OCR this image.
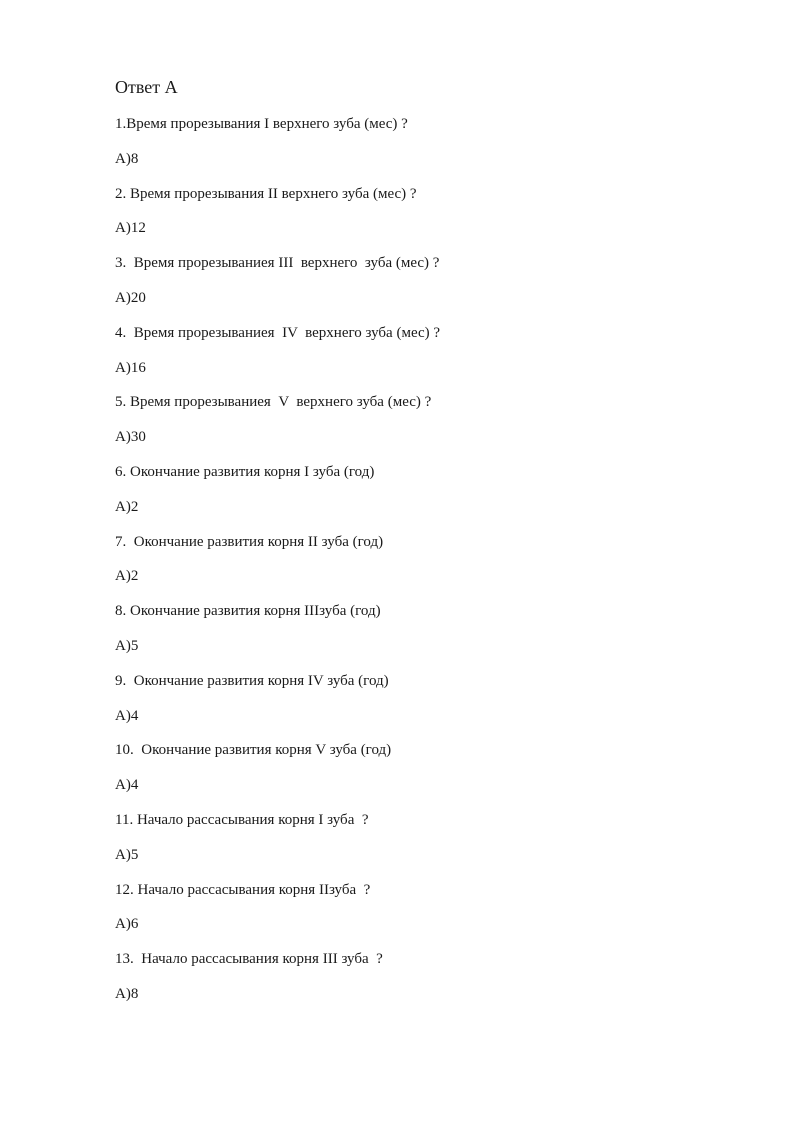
Ответ А

1.Время прорезывания I верхнего зуба (мес) ?

А)8

2. Время прорезывания II верхнего зуба (мес) ?

А)12

3.  Время прорезываниея III  верхнего  зуба (мес) ?

А)20

4.  Время прорезываниея  IV  верхнего зуба (мес) ?

А)16

5. Время прорезываниея  V  верхнего зуба (мес) ?

А)30

6. Окончание развития корня I зуба (год)

А)2

7.  Окончание развития корня II зуба (год)

А)2

8. Окончание развития корня IIIзуба (год)

А)5

9.  Окончание развития корня IV зуба (год)

А)4

10.  Окончание развития корня V зуба (год)

А)4

11. Начало рассасывания корня I зуба  ?

А)5

12. Начало рассасывания корня IIзуба  ?

А)6

13.  Начало рассасывания корня III зуба  ?

А)8
